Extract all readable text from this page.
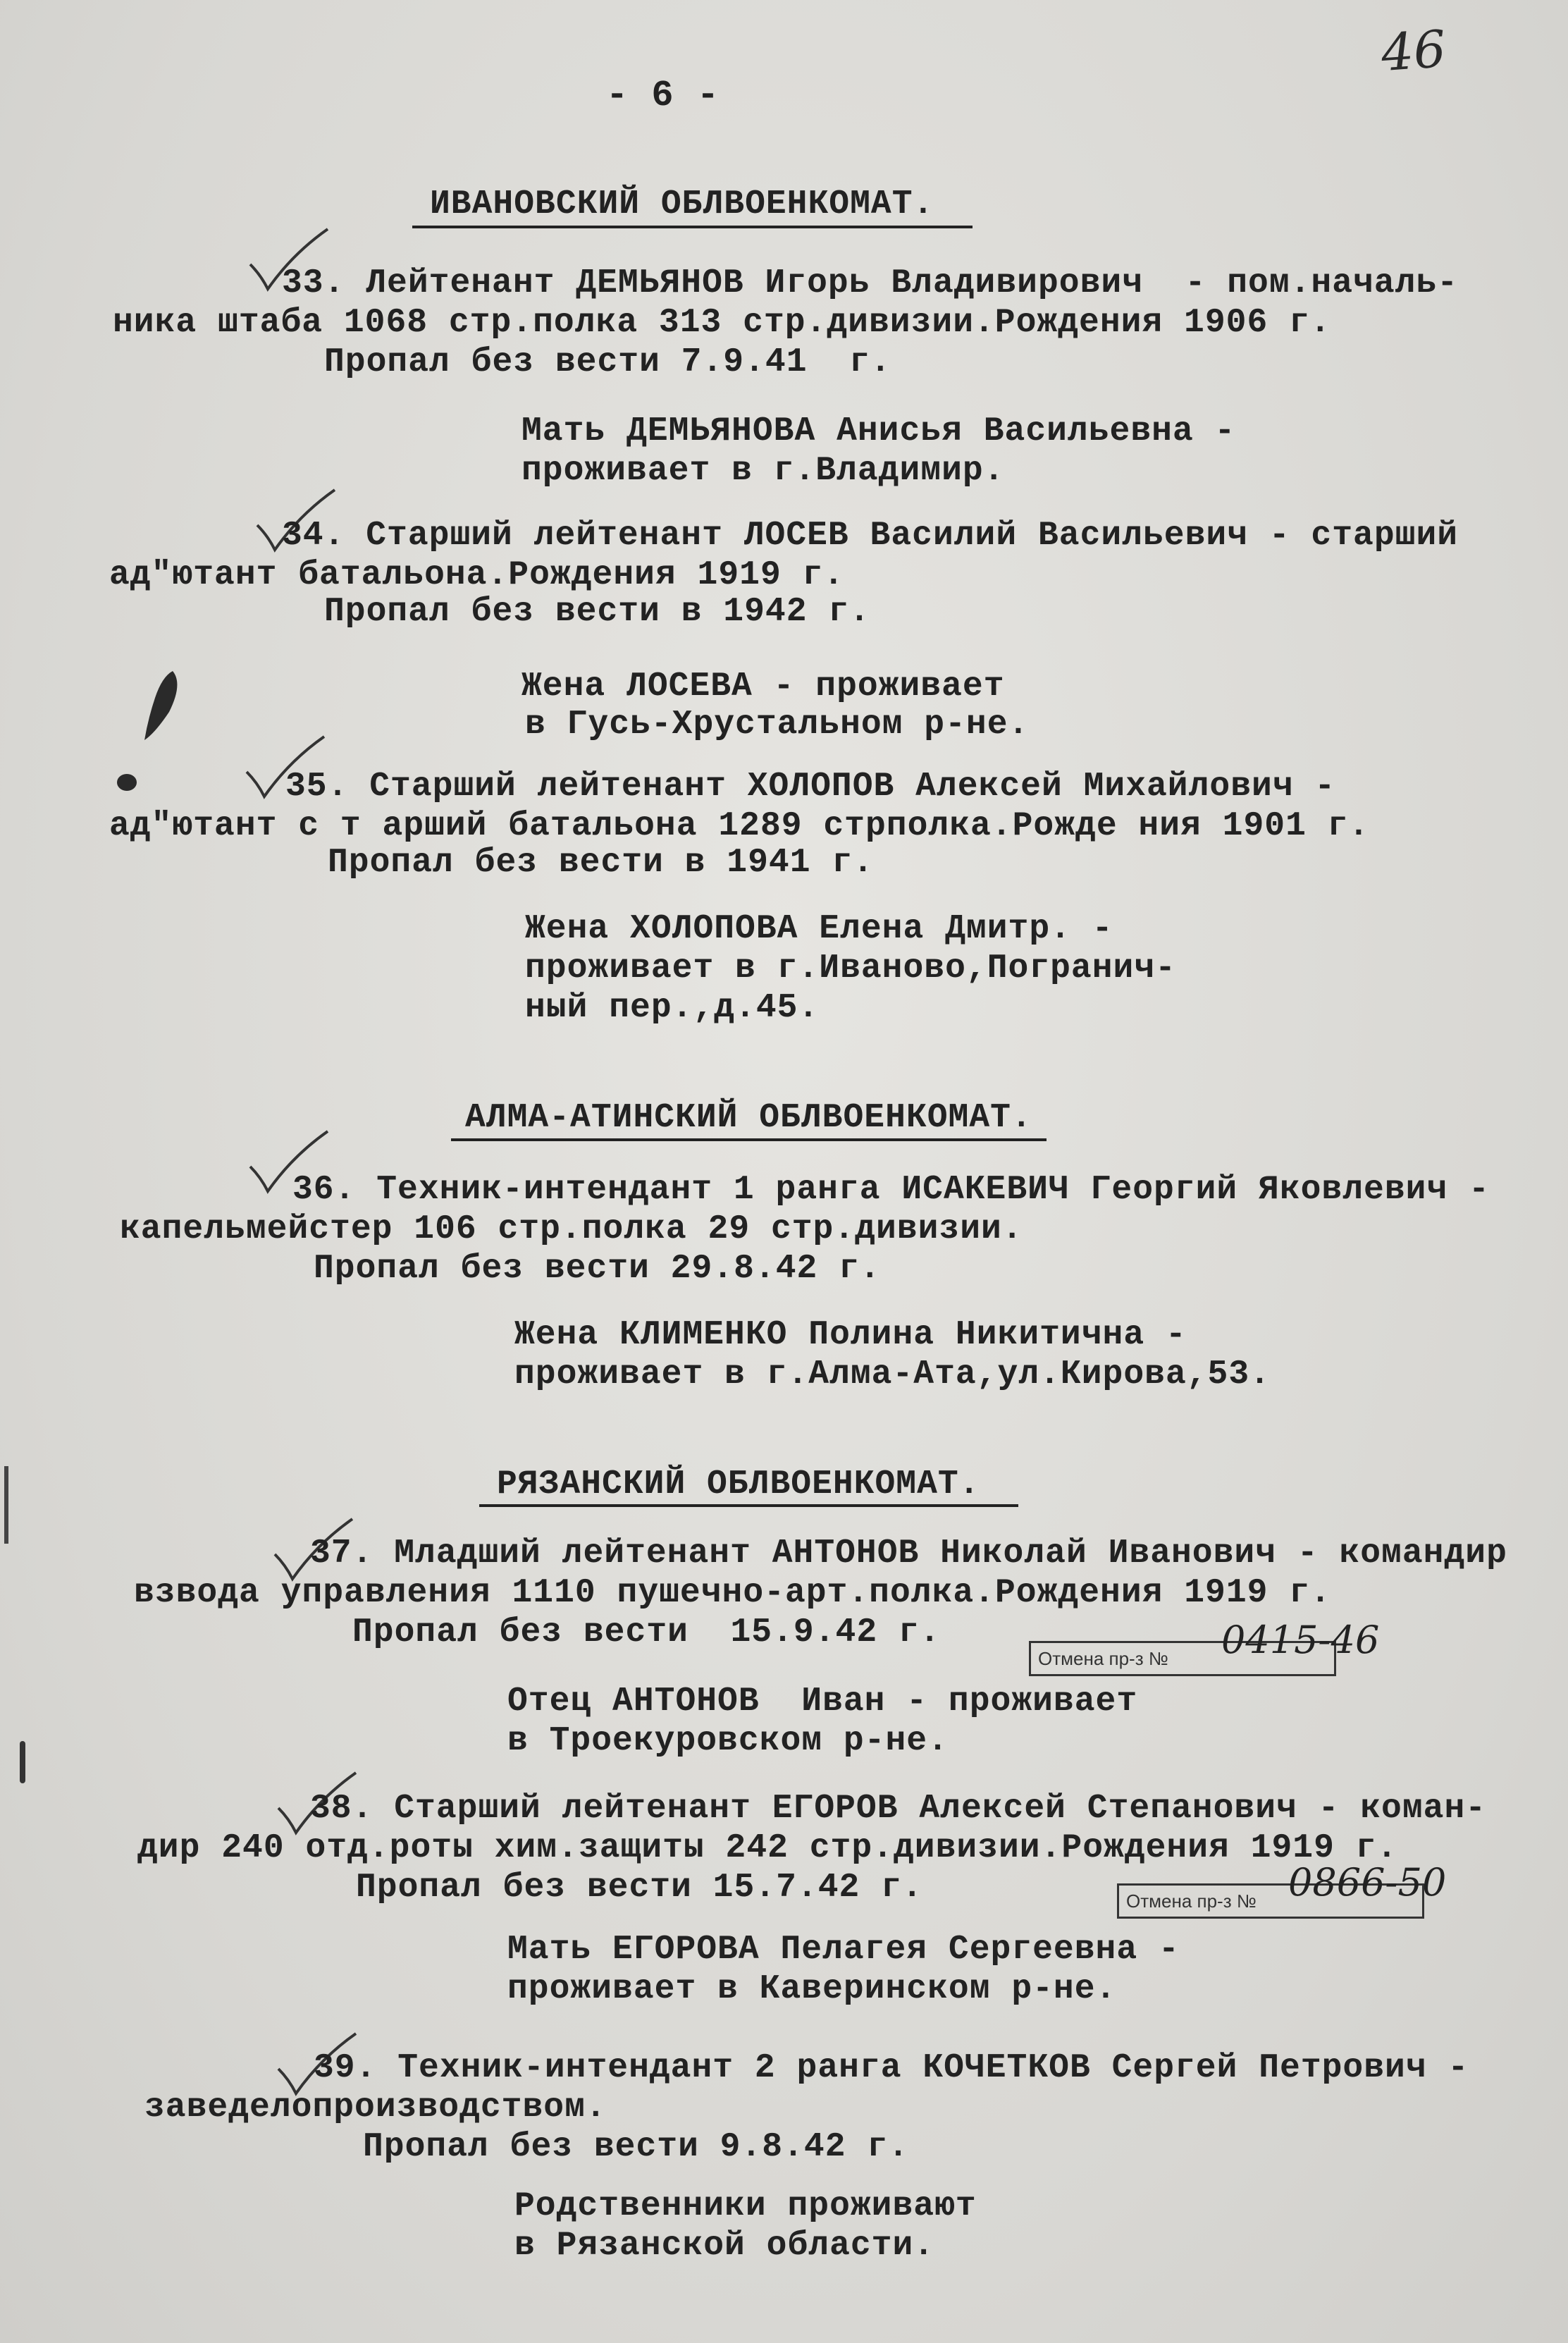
46
- 6 -
ИВАНОВСКИЙ ОБЛВОЕНКОМАТ.
33. Лейтенант ДЕМЬЯНОВ Игорь Владивирович  - пом.началь-
ника штаба 1068 стр.полка 313 стр.дивизии.Рождения 1906 г.
Пропал без вести 7.9.41  г.
Мать ДЕМЬЯНОВА Анисья Васильевна -
проживает в г.Владимир.
34. Старший лейтенант ЛОСЕВ Василий Васильевич - старший
ад"ютант батальона.Рождения 1919 г.
Пропал без вести в 1942 г.
Жена ЛОСЕВА - проживает
в Гусь-Хрустальном р-не.
35. Старший лейтенант ХОЛОПОВ Алексей Михайлович -
ад"ютант с т арший батальона 1289 стрполка.Рожде ния 1901 г.
Пропал без вести в 1941 г.
Жена ХОЛОПОВА Елена Дмитр. -
проживает в г.Иваново,Погранич-
ный пер.,д.45.
АЛМА-АТИНСКИЙ ОБЛВОЕНКОМАТ.
36. Техник-интендант 1 ранга ИСАКЕВИЧ Георгий Яковлевич -
капельмейстер 106 стр.полка 29 стр.дивизии.
Пропал без вести 29.8.42 г.
Жена КЛИМЕНКО Полина Никитична -
проживает в г.Алма-Ата,ул.Кирова,53.
РЯЗАНСКИЙ ОБЛВОЕНКОМАТ.
37. Младший лейтенант АНТОНОВ Николай Иванович - командир
взвода управления 1110 пушечно-арт.полка.Рождения 1919 г.
Пропал без вести  15.9.42 г.
Отмена пр-з № 0415-46
Отец АНТОНОВ  Иван - проживает
в Троекуровском р-не.
38. Старший лейтенант ЕГОРОВ Алексей Степанович - коман-
дир 240 отд.роты хим.защиты 242 стр.дивизии.Рождения 1919 г.
Пропал без вести 15.7.42 г.	Отмена пр-з № 0866-50
Мать ЕГОРОВА Пелагея Сергеевна -
проживает в Каверинском р-не.
39. Техник-интендант 2 ранга КОЧЕТКОВ Сергей Петрович -
заведелопроизводством.
Пропал без вести 9.8.42 г.
Родственники проживают
в Рязанской области.
